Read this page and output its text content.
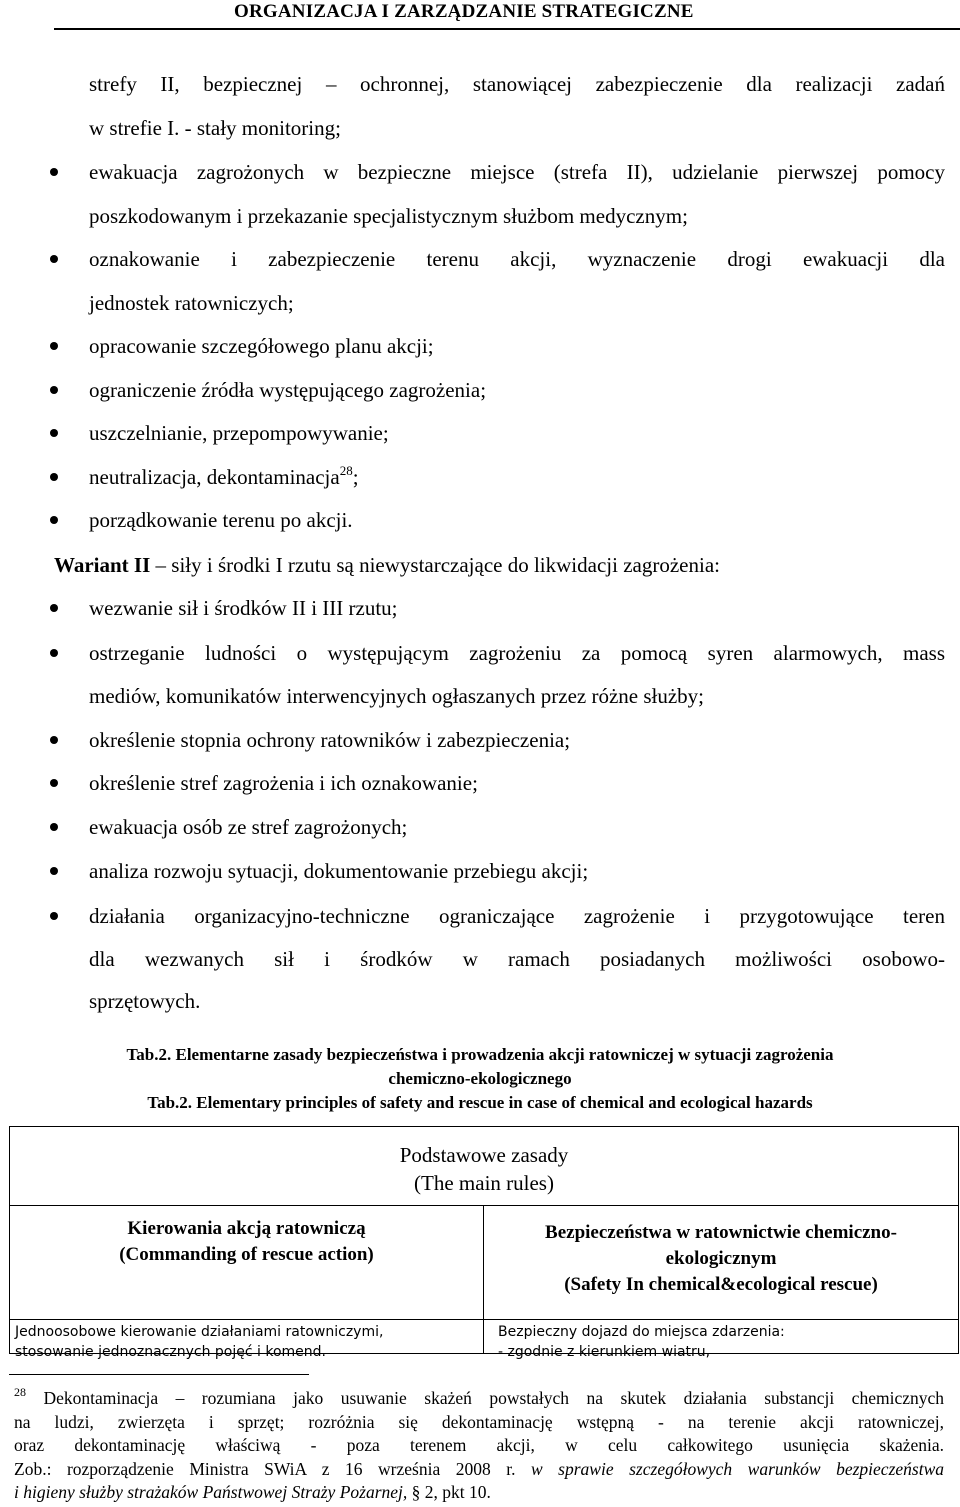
ORGANIZACJA I ZARZĄDZANIE STRATEGICZNE
strefy II, bezpiecznej – ochronnej, stanowiącej zabezpieczenie dla realizacji zadań
w strefie I. - stały monitoring;
ewakuacja zagrożonych w bezpieczne miejsce (strefa II), udzielanie pierwszej pomocy
poszkodowanym i przekazanie specjalistycznym służbom medycznym;
oznakowanie i zabezpieczenie terenu akcji, wyznaczenie drogi ewakuacji dla
jednostek ratowniczych;
opracowanie szczegółowego planu akcji;
ograniczenie źródła występującego zagrożenia;
uszczelnianie, przepompowywanie;
neutralizacja, dekontaminacja$^{28}$;
porządkowanie terenu po akcji.
Wariant II – siły i środki I rzutu są niewystarczające do likwidacji zagrożenia:
wezwanie sił i środków II i III rzutu;
ostrzeganie ludności o występującym zagrożeniu za pomocą syren alarmowych, mass
mediów, komunikatów interwencyjnych ogłaszanych przez różne służby;
określenie stopnia ochrony ratowników i zabezpieczenia;
określenie stref zagrożenia i ich oznakowanie;
ewakuacja osób ze stref zagrożonych;
analiza rozwoju sytuacji, dokumentowanie przebiegu akcji;
działania organizacyjno-techniczne ograniczające zagrożenie i przygotowujące teren
dla wezwanych sił i środków w ramach posiadanych możliwości osobowo-
sprzętowych.
Tab.2. Elementarne zasady bezpieczeństwa i prowadzenia akcji ratowniczej w sytuacji zagrożenia
chemiczno-ekologicznego
Tab.2. Elementary principles of safety and rescue in case of chemical and ecological hazards
Podstawowe zasady
(The main rules)
Kierowania akcją ratowniczą
(Commanding of rescue action)
Jednoosobowe kierowanie działaniami ratowniczymi,
stosowanie jednoznacznych pojęć i komend.
Bezpieczeństwa w ratownictwie chemiczno-
ekologicznym
(Safety In chemical&ecological rescue)
Bezpieczny dojazd do miejsca zdarzenia:
- zgodnie z kierunkiem wiatru,
$^{28}$ Dekontaminacja – rozumiana jako usuwanie skażeń powstałych na skutek działania substancji chemicznych
na ludzi, zwierzęta i sprzęt; rozróżnia się dekontaminację wstępną - na terenie akcji ratowniczej,
oraz dekontaminację właściwą - poza terenem akcji, w celu całkowitego usunięcia skażenia.
Zob.: rozporządzenie Ministra SWiA z 16 września 2008 r. w sprawie szczegółowych warunków bezpieczeństwa
i higieny służby strażaków Państwowej Straży Pożarnej, § 2, pkt 10.
